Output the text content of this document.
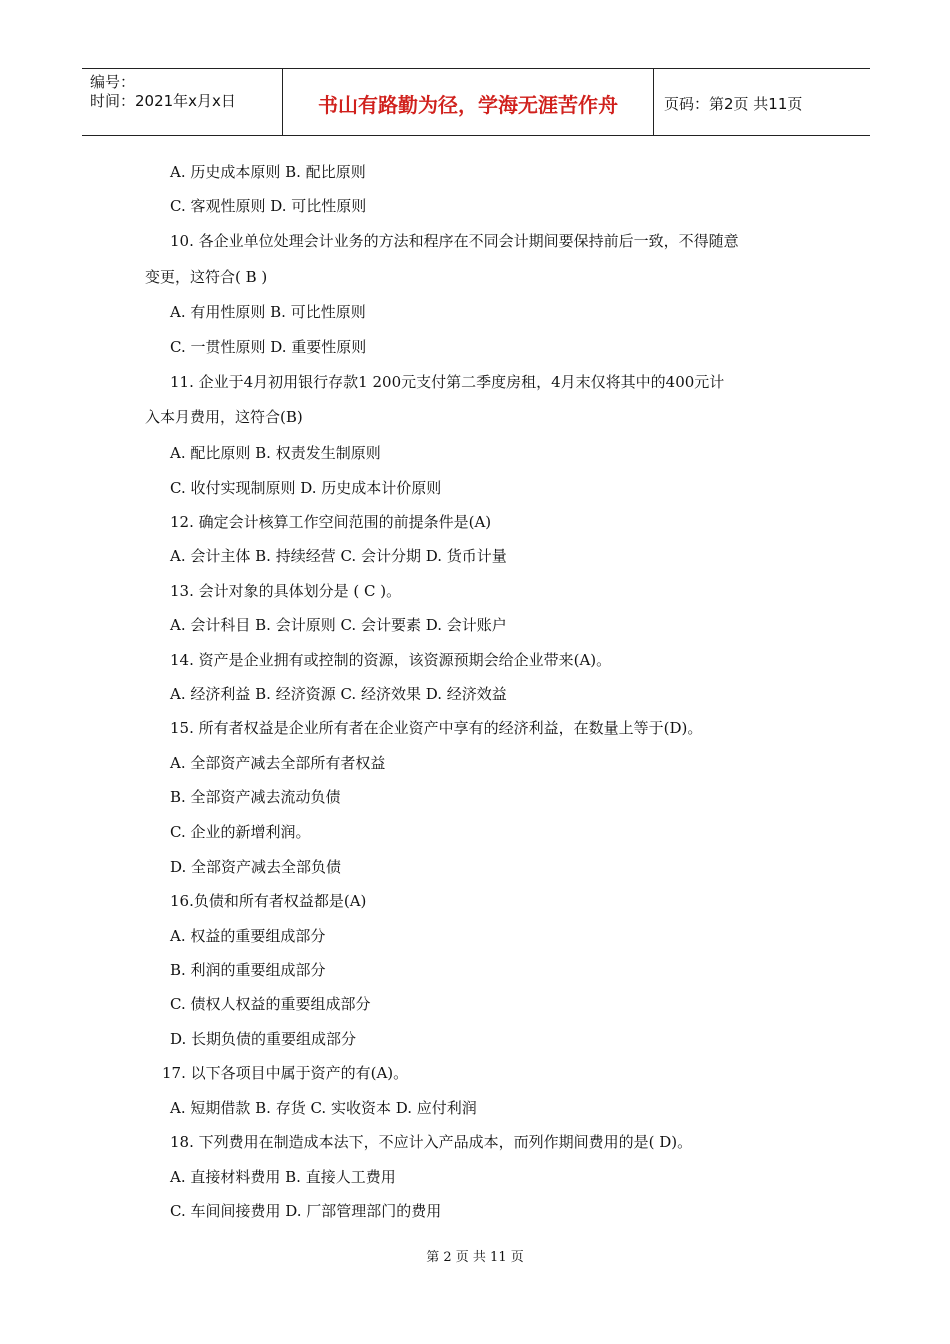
编号：
时间：2021年x月x日	书山有路勤为径，学海无涯苦作舟	页码：第2页 共11页
A. 历史成本原则 B. 配比原则
C. 客观性原则 D. 可比性原则
10. 各企业单位处理会计业务的方法和程序在不同会计期间要保持前后一致，不得随意
变更，这符合( B )
A. 有用性原则 B. 可比性原则
C. 一贯性原则 D. 重要性原则
11. 企业于4月初用银行存款1 200元支付第二季度房租，4月末仅将其中的400元计
入本月费用，这符合(B)
A. 配比原则 B. 权责发生制原则
C. 收付实现制原则 D. 历史成本计价原则
12. 确定会计核算工作空间范围的前提条件是(A)
A. 会计主体 B. 持续经营 C. 会计分期 D. 货币计量
13. 会计对象的具体划分是 ( C )。
A. 会计科目 B. 会计原则 C. 会计要素 D. 会计账户
14. 资产是企业拥有或控制的资源，该资源预期会给企业带来(A)。
A. 经济利益 B. 经济资源 C. 经济效果 D. 经济效益
15. 所有者权益是企业所有者在企业资产中享有的经济利益，在数量上等于(D)。
A. 全部资产减去全部所有者权益
B. 全部资产减去流动负债
C. 企业的新增利润。
D. 全部资产减去全部负债
16.负债和所有者权益都是(A)
A. 权益的重要组成部分
B. 利润的重要组成部分
C. 债权人权益的重要组成部分
D. 长期负债的重要组成部分
17. 以下各项目中属于资产的有(A)。
A. 短期借款 B. 存货 C. 实收资本 D. 应付利润
18. 下列费用在制造成本法下，不应计入产品成本，而列作期间费用的是( D)。
A. 直接材料费用 B. 直接人工费用
C. 车间间接费用 D. 厂部管理部门的费用
第 2 页 共 11 页
